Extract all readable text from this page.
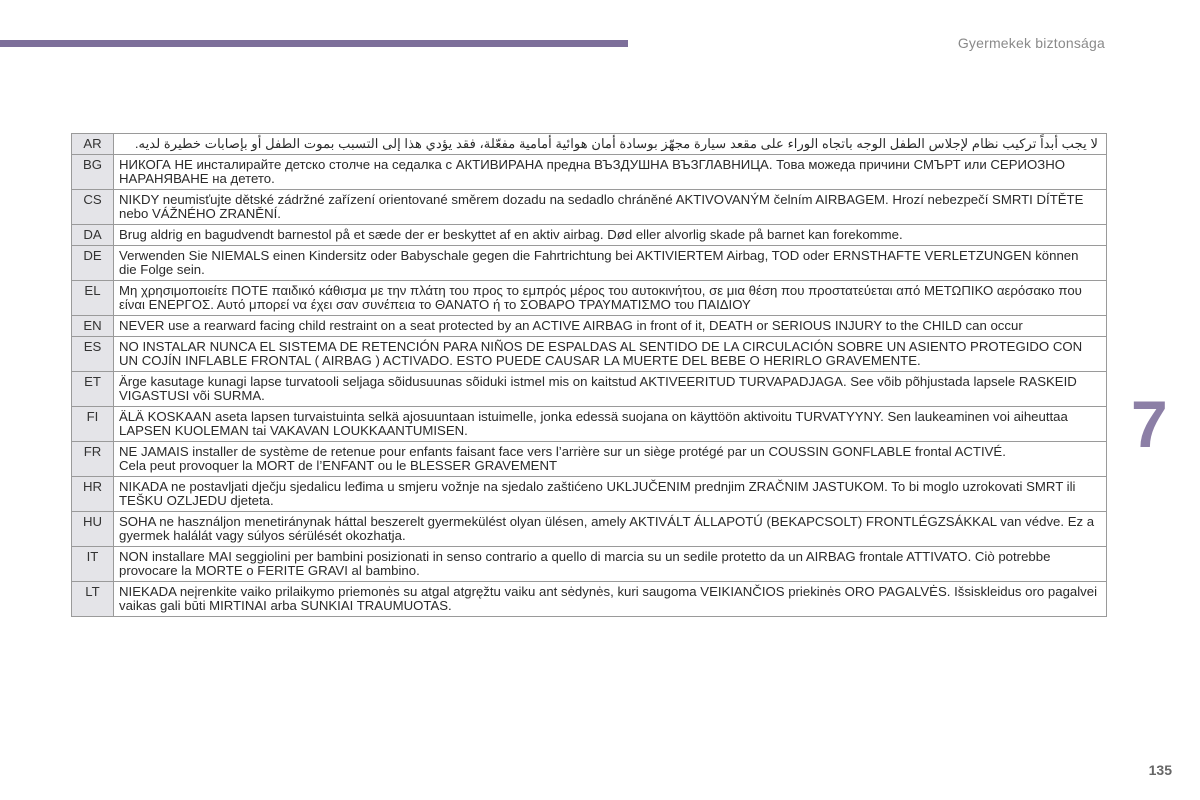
Gyermekek biztonsága
AR	لا يجب أبداً تركيب نظام لإجلاس الطفل الوجه باتجاه الوراء على مقعد سيارة مجهّز بوسادة أمان هوائية أمامية مفعّلة، فقد يؤدي هذا إلى التسبب بموت الطفل أو بإصابات خطيرة لديه.

BG	НИКОГА НЕ инсталирайте детско столче на седалка с АКТИВИРАНА предна ВЪЗДУШНА ВЪЗГЛАВНИЦА. Това можеда причини СМЪРТ или СЕРИОЗНО НАРАНЯВАНЕ на детето.

CS	NIKDY neumisťujte dětské zádržné zařízení orientované směrem dozadu na sedadlo chráněné AKTIVOVANÝM čelním AIRBAGEM. Hrozí nebezpečí SMRTI DÍTĚTE nebo VÁŽNÉHO ZRANĚNÍ.

DA	Brug aldrig en bagudvendt barnestol på et sæde der er beskyttet af en aktiv airbag. Død eller alvorlig skade på barnet kan forekomme.

DE	Verwenden Sie NIEMALS einen Kindersitz oder Babyschale gegen die Fahrtrichtung bei AKTIVIERTEM Airbag, TOD oder ERNSTHAFTE VERLETZUNGEN können die Folge sein.

EL	Μη χρησιμοποιείτε ΠΟΤΕ παιδικό κάθισμα με την πλάτη του προς το εμπρός μέρος του αυτοκινήτου, σε μια θέση που προστατεύεται από ΜΕΤΩΠΙΚΟ αερόσακο που είναι ΕΝΕΡΓΟΣ. Αυτό μπορεί να έχει σαν συνέπεια το ΘΑΝΑΤΟ ή το ΣΟΒΑΡΟ ΤΡΑΥΜΑΤΙΣΜΟ του ΠΑΙΔΙΟΥ

EN	NEVER use a rearward facing child restraint on a seat protected by an ACTIVE AIRBAG in front of it, DEATH or SERIOUS INJURY to the CHILD can occur

ES	NO INSTALAR NUNCA EL SISTEMA DE RETENCIÓN PARA NIÑOS DE ESPALDAS AL SENTIDO DE LA CIRCULACIÓN SOBRE UN ASIENTO PROTEGIDO CON UN COJÍN INFLABLE FRONTAL ( AIRBAG ) ACTIVADO. ESTO PUEDE CAUSAR LA MUERTE DEL BEBE O HERIRLO GRAVEMENTE.

ET	Ärge kasutage kunagi lapse turvatooli seljaga sõidusuunas sõiduki istmel mis on kaitstud AKTIVEERITUD TURVAPADJAGA. See võib põhjustada lapsele RASKEID VIGASTUSI või SURMA.

FI	ÄLÄ KOSKAAN aseta lapsen turvaistuinta selkä ajosuuntaan istuimelle, jonka edessä suojana on käyttöön aktivoitu TURVATYYNY. Sen laukeaminen voi aiheuttaa LAPSEN KUOLEMAN tai VAKAVAN LOUKKAANTUMISEN.

FR	NE JAMAIS installer de système de retenue pour enfants faisant face vers l’arrière sur un siège protégé par un COUSSIN GONFLABLE frontal ACTIVÉ.
Cela peut provoquer la MORT de l’ENFANT ou le BLESSER GRAVEMENT

HR	NIKADA ne postavljati dječju sjedalicu leđima u smjeru vožnje na sjedalo zaštićeno UKLJUČENIM prednjim ZRAČNIM JASTUKOM. To bi moglo uzrokovati SMRT ili TEŠKU OZLJEDU djeteta.

HU	SOHA ne használjon menetiránynak háttal beszerelt gyermekülést olyan ülésen, amely AKTIVÁLT ÁLLAPOTÚ (BEKAPCSOLT) FRONTLÉGZSÁKKAL van védve. Ez a gyermek halálát vagy súlyos sérülését okozhatja.

IT	NON installare MAI seggiolini per bambini posizionati in senso contrario a quello di marcia su un sedile protetto da un AIRBAG frontale ATTIVATO. Ciò potrebbe provocare la MORTE o FERITE GRAVI al bambino.

LT	NIEKADA neįrenkite vaiko prilaikymo priemonės su atgal atgręžtu vaiku ant sėdynės, kuri saugoma VEIKIANČIOS priekinės ORO PAGALVĖS. Išsiskleidus oro pagalvei vaikas gali būti MIRTINAI arba SUNKIAI TRAUMUOTAS.
7
135
